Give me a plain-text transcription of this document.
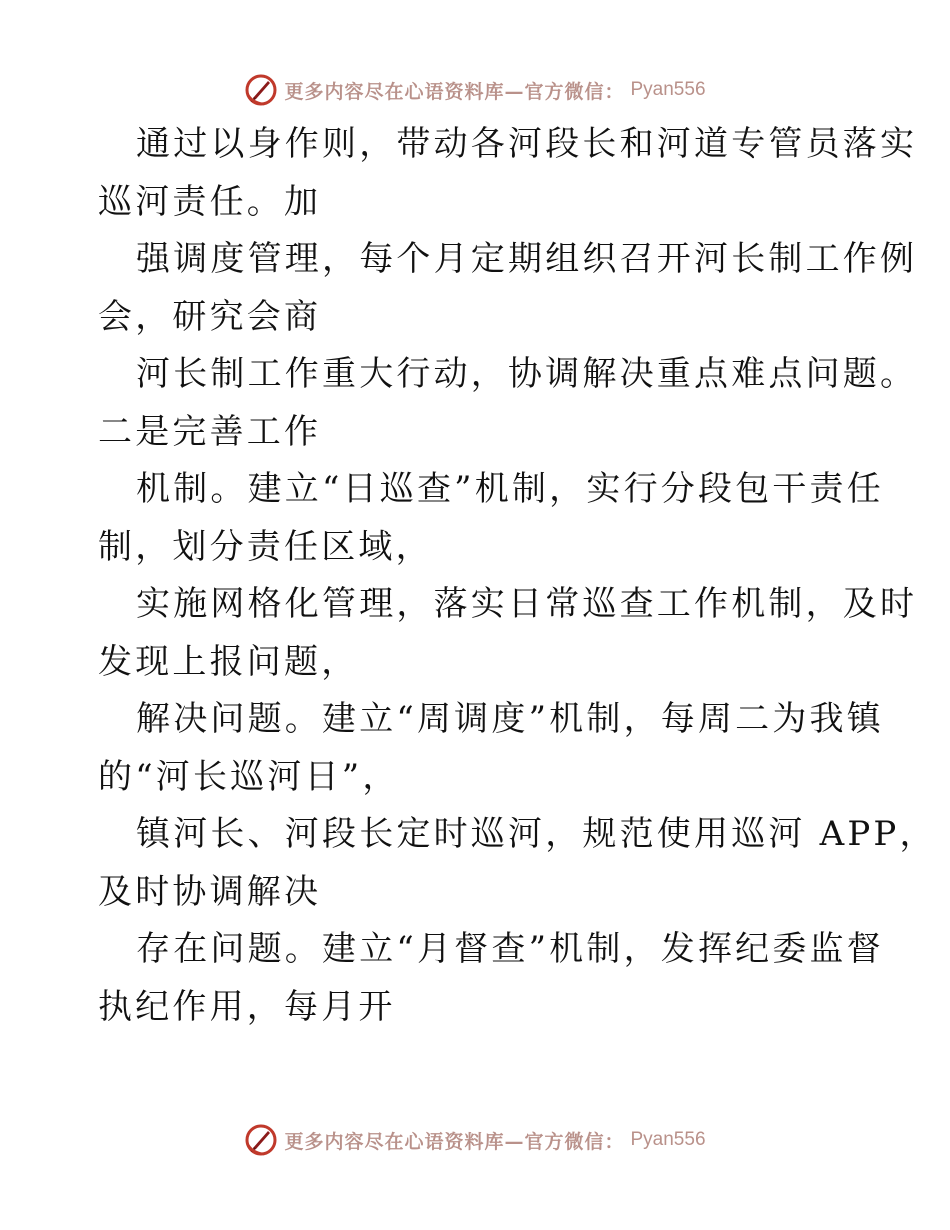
更多内容尽在心语资料库—官方微信： Pyan556
通过以身作则，带动各河段长和河道专管员落实
巡河责任。加
强调度管理，每个月定期组织召开河长制工作例
会，研究会商
河长制工作重大行动，协调解决重点难点问题。
二是完善工作
机制。建立“日巡查”机制，实行分段包干责任
制，划分责任区域，
实施网格化管理，落实日常巡查工作机制，及时
发现上报问题，
解决问题。建立“周调度”机制，每周二为我镇
的“河长巡河日”，
镇河长、河段长定时巡河，规范使用巡河 APP，
及时协调解决
存在问题。建立“月督查”机制，发挥纪委监督
执纪作用，每月开
更多内容尽在心语资料库—官方微信： Pyan556
